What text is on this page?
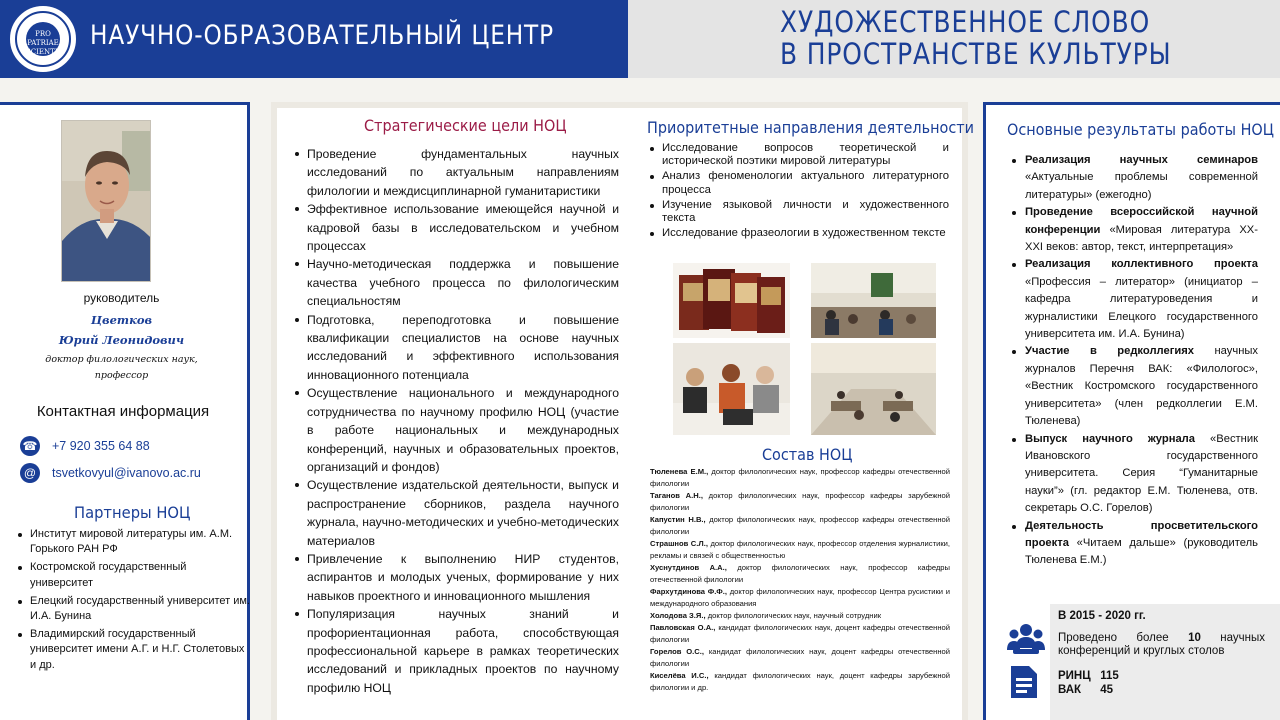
PRO PATRIAE SCIENTIA
НАУЧНО-ОБРАЗОВАТЕЛЬНЫЙ ЦЕНТР	ХУДОЖЕСТВЕННОЕ СЛОВО
В ПРОСТРАНСТВЕ КУЛЬТУРЫ
руководитель
Цветков
Юрий Леонидович
доктор филологических наук,
профессор
Контактная информация
☎ +7 920 355 64 88
@	tsvetkovyul@ivanovo.ac.ru
Партнеры НОЦ
Институт мировой литературы им. А.М. Горького РАН РФ
Костромской государственный университет
Елецкий государственный университет им. И.А. Бунина
Владимирский государственный университет имени А.Г. и Н.Г. Столетовых и др.
Стратегические цели НОЦ
Проведение фундаментальных научных исследований по актуальным направлениям филологии и междисциплинарной гуманитаристики
Эффективное использование имеющейся научной и кадровой базы в исследовательском и учебном процессах
Научно-методическая поддержка и повышение качества учебного процесса по филологическим специальностям
Подготовка, переподготовка и повышение квалификации специалистов на основе научных исследований и эффективного использования инновационного потенциала
Осуществление национального и международного сотрудничества по научному профилю НОЦ (участие в работе национальных и международных конференций, научных и образовательных проектов, организаций и фондов)
Осуществление издательской деятельности, выпуск и распространение сборников, раздела научного журнала, научно-методических и учебно-методических материалов
Привлечение к выполнению НИР студентов, аспирантов и молодых ученых, формирование у них навыков проектного и инновационного мышления
Популяризация научных знаний и профориентационная работа, способствующая профессиональной карьере в рамках теоретических исследований и прикладных проектов по научному профилю НОЦ
Приоритетные направления деятельности
Исследование вопросов теоретической и исторической поэтики мировой литературы
Анализ феноменологии актуального литературного процесса
Изучение языковой личности и художественного текста
Исследование фразеологии в художественном тексте
Состав НОЦ
Тюленева Е.М., доктор филологических наук, профессор кафедры отечественной филологии
Таганов А.Н., доктор филологических наук, профессор кафедры зарубежной филологии
Капустин Н.В., доктор филологических наук, профессор кафедры отечественной филологии
Страшнов С.Л., доктор филологических наук, профессор отделения журналистики, рекламы и связей с общественностью
Хуснутдинов А.А., доктор филологических наук, профессор кафедры отечественной филологии
Фархутдинова Ф.Ф., доктор филологических наук, профессор Центра русистики и международного образования
Холодова З.Я., доктор филологических наук, научный сотрудник
Павловская О.А., кандидат филологических наук, доцент кафедры отечественной филологии
Горелов О.С., кандидат филологических наук, доцент кафедры отечественной филологии
Киселёва И.С., кандидат филологических наук, доцент кафедры зарубежной филологии и др.
Основные результаты работы НОЦ
Реализация научных семинаров «Актуальные проблемы современной литературы» (ежегодно)
Проведение всероссийской научной конференции «Мировая литература XX-XXI веков: автор, текст, интерпретация»
Реализация коллективного проекта «Профессия – литератор» (инициатор – кафедра литературоведения и журналистики Елецкого государственного университета им. И.А. Бунина)
Участие в редколлегиях научных журналов Перечня ВАК: «Филологос», «Вестник Костромского государственного университета» (член редколлегии Е.М. Тюленева)
Выпуск научного журнала «Вестник Ивановского государственного университета. Серия “Гуманитарные науки”» (гл. редактор Е.М. Тюленева, отв. секретарь О.С. Горелов)
Деятельность просветительского проекта «Читаем дальше» (руководитель Тюленева Е.М.)
В 2015 - 2020 гг.
Проведено более 10 научных конференций и круглых столов
РИНЦ 115
ВАК 45
